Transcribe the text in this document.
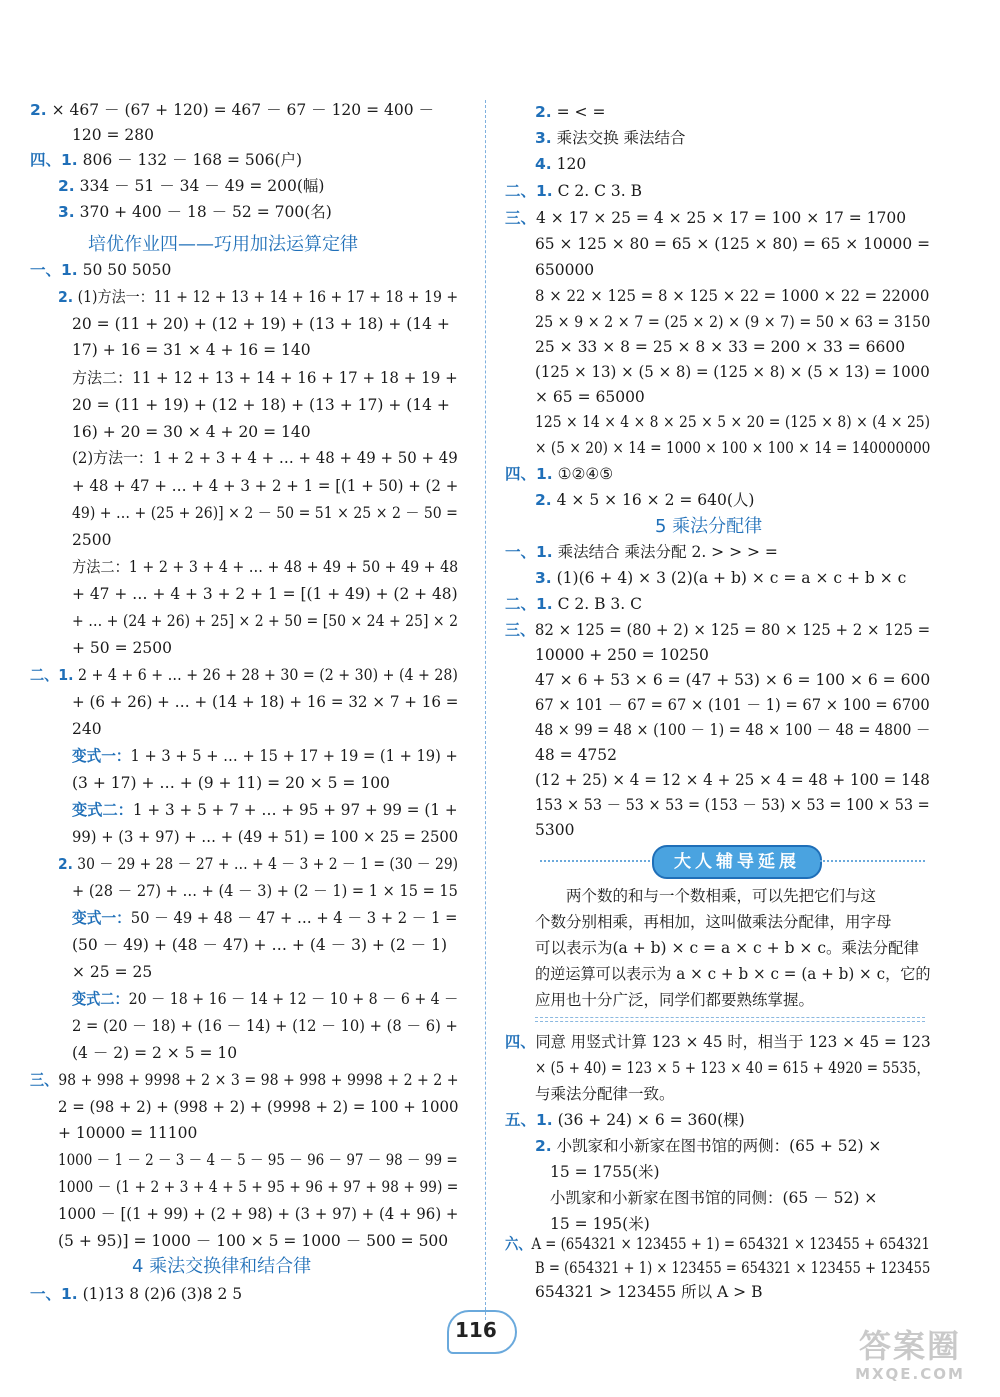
2. × 467 － (67 + 120) = 467 － 67 － 120 = 400 －
120 = 280
四、1. 806 － 132 － 168 = 506(户)
2. 334 － 51 － 34 － 49 = 200(幅)
3. 370 + 400 － 18 － 52 = 700(名)
一、1. 50 50 5050
2. (1)方法一：11 + 12 + 13 + 14 + 16 + 17 + 18 + 19 +
20 = (11 + 20) + (12 + 19) + (13 + 18) + (14 +
17) + 16 = 31 × 4 + 16 = 140
方法二：11 + 12 + 13 + 14 + 16 + 17 + 18 + 19 +
20 = (11 + 19) + (12 + 18) + (13 + 17) + (14 +
16) + 20 = 30 × 4 + 20 = 140
(2)方法一：1 + 2 + 3 + 4 + … + 48 + 49 + 50 + 49
+ 48 + 47 + … + 4 + 3 + 2 + 1 = [(1 + 50) + (2 +
49) + … + (25 + 26)] × 2 － 50 = 51 × 25 × 2 － 50 =
2500
方法二：1 + 2 + 3 + 4 + … + 48 + 49 + 50 + 49 + 48
+ 47 + … + 4 + 3 + 2 + 1 = [(1 + 49) + (2 + 48)
+ … + (24 + 26) + 25] × 2 + 50 = [50 × 24 + 25] × 2
+ 50 = 2500
二、1. 2 + 4 + 6 + … + 26 + 28 + 30 = (2 + 30) + (4 + 28)
+ (6 + 26) + … + (14 + 18) + 16 = 32 × 7 + 16 =
240
变式一：1 + 3 + 5 + … + 15 + 17 + 19 = (1 + 19) +
(3 + 17) + … + (9 + 11) = 20 × 5 = 100
变式二：1 + 3 + 5 + 7 + … + 95 + 97 + 99 = (1 +
99) + (3 + 97) + … + (49 + 51) = 100 × 25 = 2500
2. 30 － 29 + 28 － 27 + … + 4 － 3 + 2 － 1 = (30 － 29)
+ (28 － 27) + … + (4 － 3) + (2 － 1) = 1 × 15 = 15
变式一：50 － 49 + 48 － 47 + … + 4 － 3 + 2 － 1 =
(50 － 49) + (48 － 47) + … + (4 － 3) + (2 － 1)
× 25 = 25
变式二：20 － 18 + 16 － 14 + 12 － 10 + 8 － 6 + 4 －
2 = (20 － 18) + (16 － 14) + (12 － 10) + (8 － 6) +
(4 － 2) = 2 × 5 = 10
三、98 + 998 + 9998 + 2 × 3 = 98 + 998 + 9998 + 2 + 2 +
2 = (98 + 2) + (998 + 2) + (9998 + 2) = 100 + 1000
+ 10000 = 11100
1000 － 1 － 2 － 3 － 4 － 5 － 95 － 96 － 97 － 98 － 99 =
1000 － (1 + 2 + 3 + 4 + 5 + 95 + 96 + 97 + 98 + 99) =
1000 － [(1 + 99) + (2 + 98) + (3 + 97) + (4 + 96) +
(5 + 95)] = 1000 － 100 × 5 = 1000 － 500 = 500
一、1. (1)13 8 (2)6 (3)8 2 5
2. = < =
3. 乘法交换 乘法结合
4. 120
二、1. C 2. C 3. B
三、4 × 17 × 25 = 4 × 25 × 17 = 100 × 17 = 1700
65 × 125 × 80 = 65 × (125 × 80) = 65 × 10000 =
650000
8 × 22 × 125 = 8 × 125 × 22 = 1000 × 22 = 22000
25 × 9 × 2 × 7 = (25 × 2) × (9 × 7) = 50 × 63 = 3150
25 × 33 × 8 = 25 × 8 × 33 = 200 × 33 = 6600
(125 × 13) × (5 × 8) = (125 × 8) × (5 × 13) = 1000
× 65 = 65000
125 × 14 × 4 × 8 × 25 × 5 × 20 = (125 × 8) × (4 × 25)
× (5 × 20) × 14 = 1000 × 100 × 100 × 14 = 140000000
四、1. ①②④⑤
2. 4 × 5 × 16 × 2 = 640(人)
一、1. 乘法结合 乘法分配 2. > > > =
3. (1)(6 + 4) × 3 (2)(a + b) × c = a × c + b × c
二、1. C 2. B 3. C
三、82 × 125 = (80 + 2) × 125 = 80 × 125 + 2 × 125 =
10000 + 250 = 10250
47 × 6 + 53 × 6 = (47 + 53) × 6 = 100 × 6 = 600
67 × 101 － 67 = 67 × (101 － 1) = 67 × 100 = 6700
48 × 99 = 48 × (100 － 1) = 48 × 100 － 48 = 4800 －
48 = 4752
(12 + 25) × 4 = 12 × 4 + 25 × 4 = 48 + 100 = 148
153 × 53 － 53 × 53 = (153 － 53) × 53 = 100 × 53 =
5300
四、同意 用竖式计算 123 × 45 时，相当于 123 × 45 = 123
× (5 + 40) = 123 × 5 + 123 × 40 = 615 + 4920 = 5535，
与乘法分配律一致。
五、1. (36 + 24) × 6 = 360(棵)
2. 小凯家和小新家在图书馆的两侧：(65 + 52) ×
15 = 1755(米)
小凯家和小新家在图书馆的同侧：(65 － 52) ×
15 = 195(米)
六、A = (654321 × 123455 + 1) = 654321 × 123455 + 654321
B = (654321 + 1) × 123455 = 654321 × 123455 + 123455
654321 > 123455 所以 A > B
培优作业四——巧用加法运算定律
4 乘法交换律和结合律
5 乘法分配律
大人辅导延展
两个数的和与一个数相乘，可以先把它们与这
个数分别相乘，再相加，这叫做乘法分配律，用字母
可以表示为(a + b) × c = a × c + b × c。乘法分配律
的逆运算可以表示为 a × c + b × c = (a + b) × c，它的
应用也十分广泛，同学们都要熟练掌握。
116	答案圈
MXQE.COM
